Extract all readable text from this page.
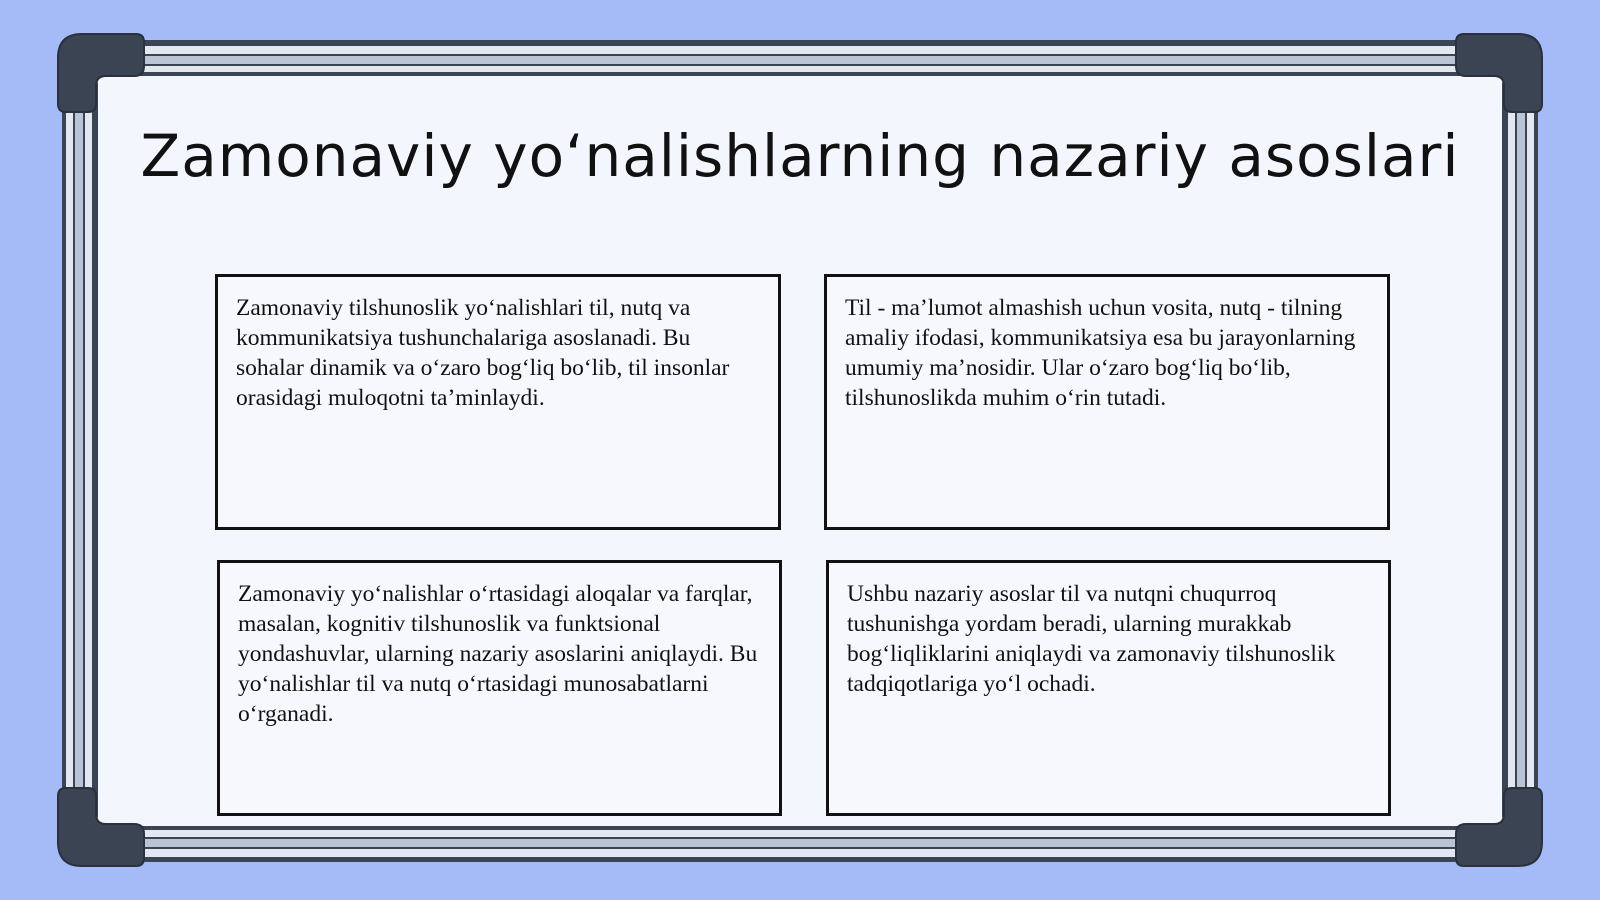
Zamonaviy yo‘nalishlarning nazariy asoslari
Zamonaviy tilshunoslik yo‘nalishlari til, nutq va kommunikatsiya tushunchalariga asoslanadi. Bu sohalar dinamik va o‘zaro bog‘liq bo‘lib, til insonlar orasidagi muloqotni ta’minlaydi.
Til - ma’lumot almashish uchun vosita, nutq - tilning amaliy ifodasi, kommunikatsiya esa bu jarayonlarning umumiy ma’nosidir. Ular o‘zaro bog‘liq bo‘lib, tilshunoslikda muhim o‘rin tutadi.
Zamonaviy yo‘nalishlar o‘rtasidagi aloqalar va farqlar, masalan, kognitiv tilshunoslik va funktsional yondashuvlar, ularning nazariy asoslarini aniqlaydi. Bu yo‘nalishlar til va nutq o‘rtasidagi munosabatlarni o‘rganadi.
Ushbu nazariy asoslar til va nutqni chuqurroq tushunishga yordam beradi, ularning murakkab bog‘liqliklarini aniqlaydi va zamonaviy tilshunoslik tadqiqotlariga yo‘l ochadi.
